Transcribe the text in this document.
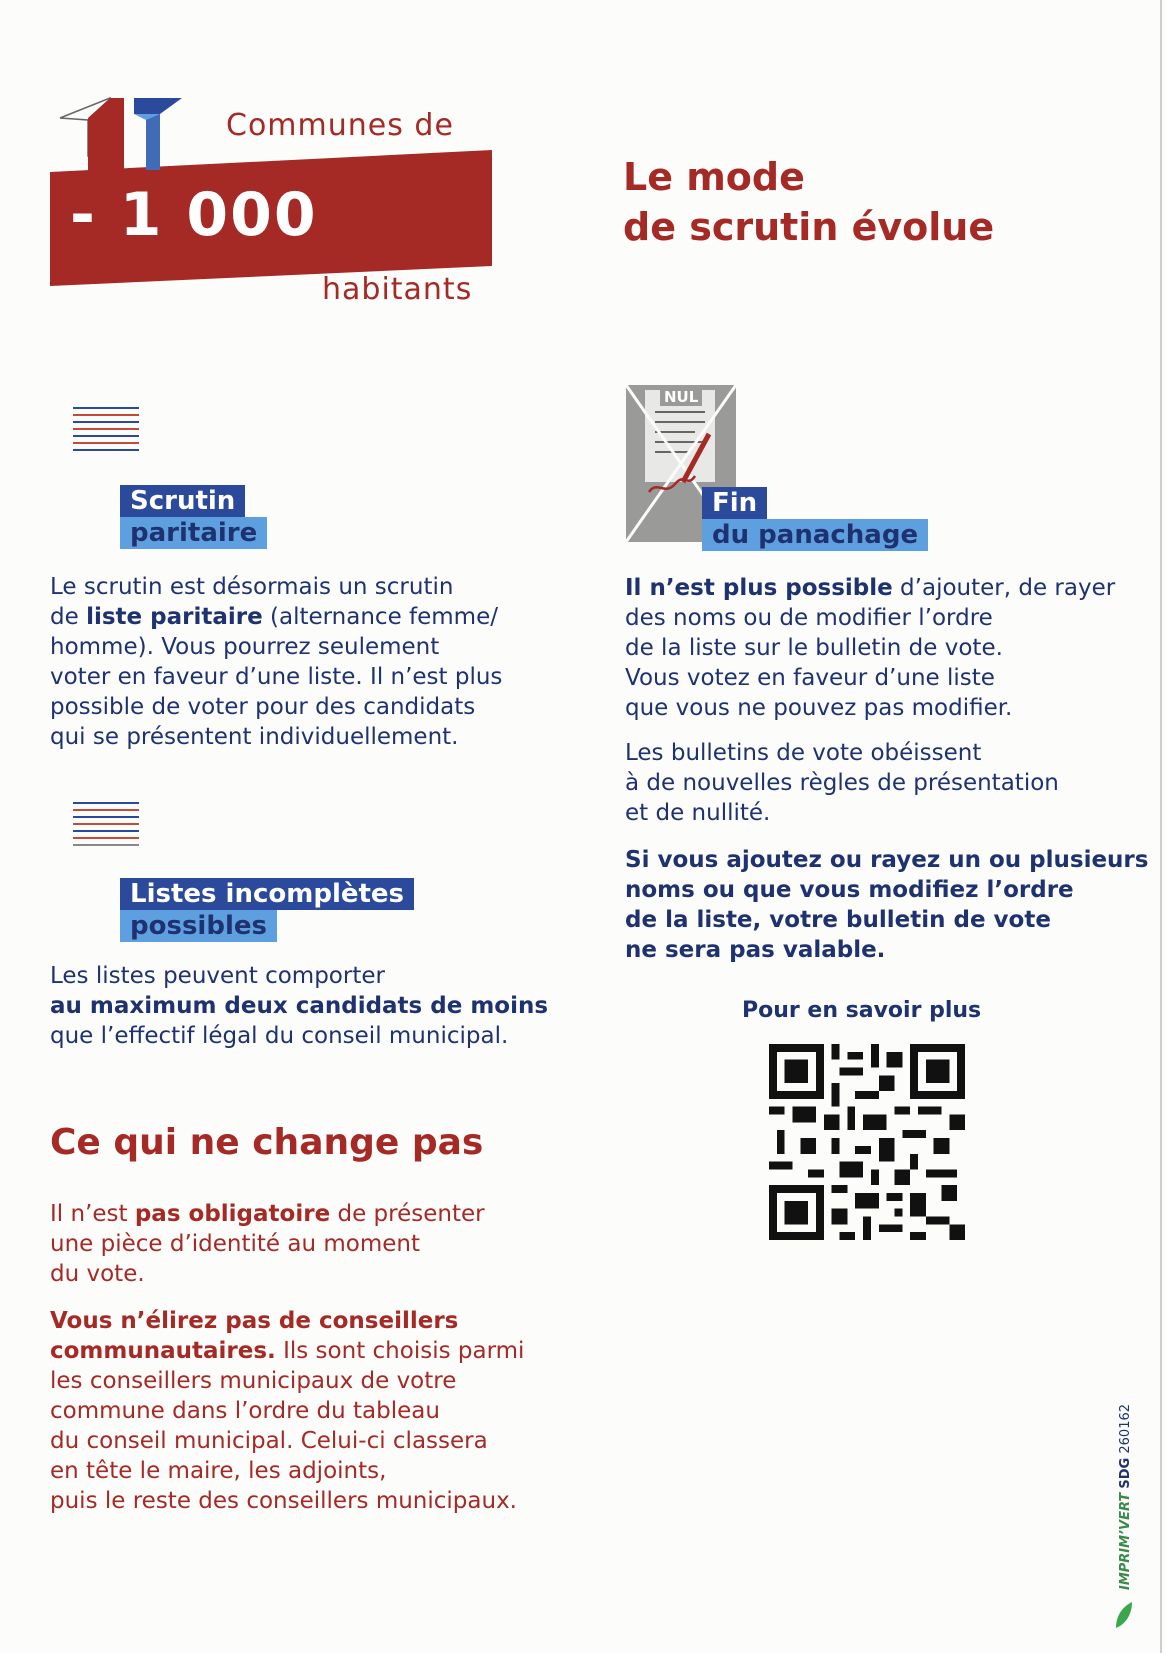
Communes de
- 1 000
habitants
Le mode
de scrutin évolue
Scrutin
paritaire
Le scrutin est désormais un scrutin
de liste paritaire (alternance femme/
homme). Vous pourrez seulement
voter en faveur d’une liste. Il n’est plus
possible de voter pour des candidats
qui se présentent individuellement.
Listes incomplètes
possibles
Les listes peuvent comporter
au maximum deux candidats de moins
que l’effectif légal du conseil municipal.
Ce qui ne change pas
Il n’est pas obligatoire de présenter
une pièce d’identité au moment
du vote.
Vous n’élirez pas de conseillers
communautaires. Ils sont choisis parmi
les conseillers municipaux de votre
commune dans l’ordre du tableau
du conseil municipal. Celui-ci classera
en tête le maire, les adjoints,
puis le reste des conseillers municipaux.
NUL
Fin
du panachage
Il n’est plus possible d’ajouter, de rayer
des noms ou de modifier l’ordre
de la liste sur le bulletin de vote.
Vous votez en faveur d’une liste
que vous ne pouvez pas modifier.
Les bulletins de vote obéissent
à de nouvelles règles de présentation
et de nullité.
Si vous ajoutez ou rayez un ou plusieurs
noms ou que vous modifiez l’ordre
de la liste, votre bulletin de vote
ne sera pas valable.
Pour en savoir plus
IMPRIM’VERT SDG 260162
